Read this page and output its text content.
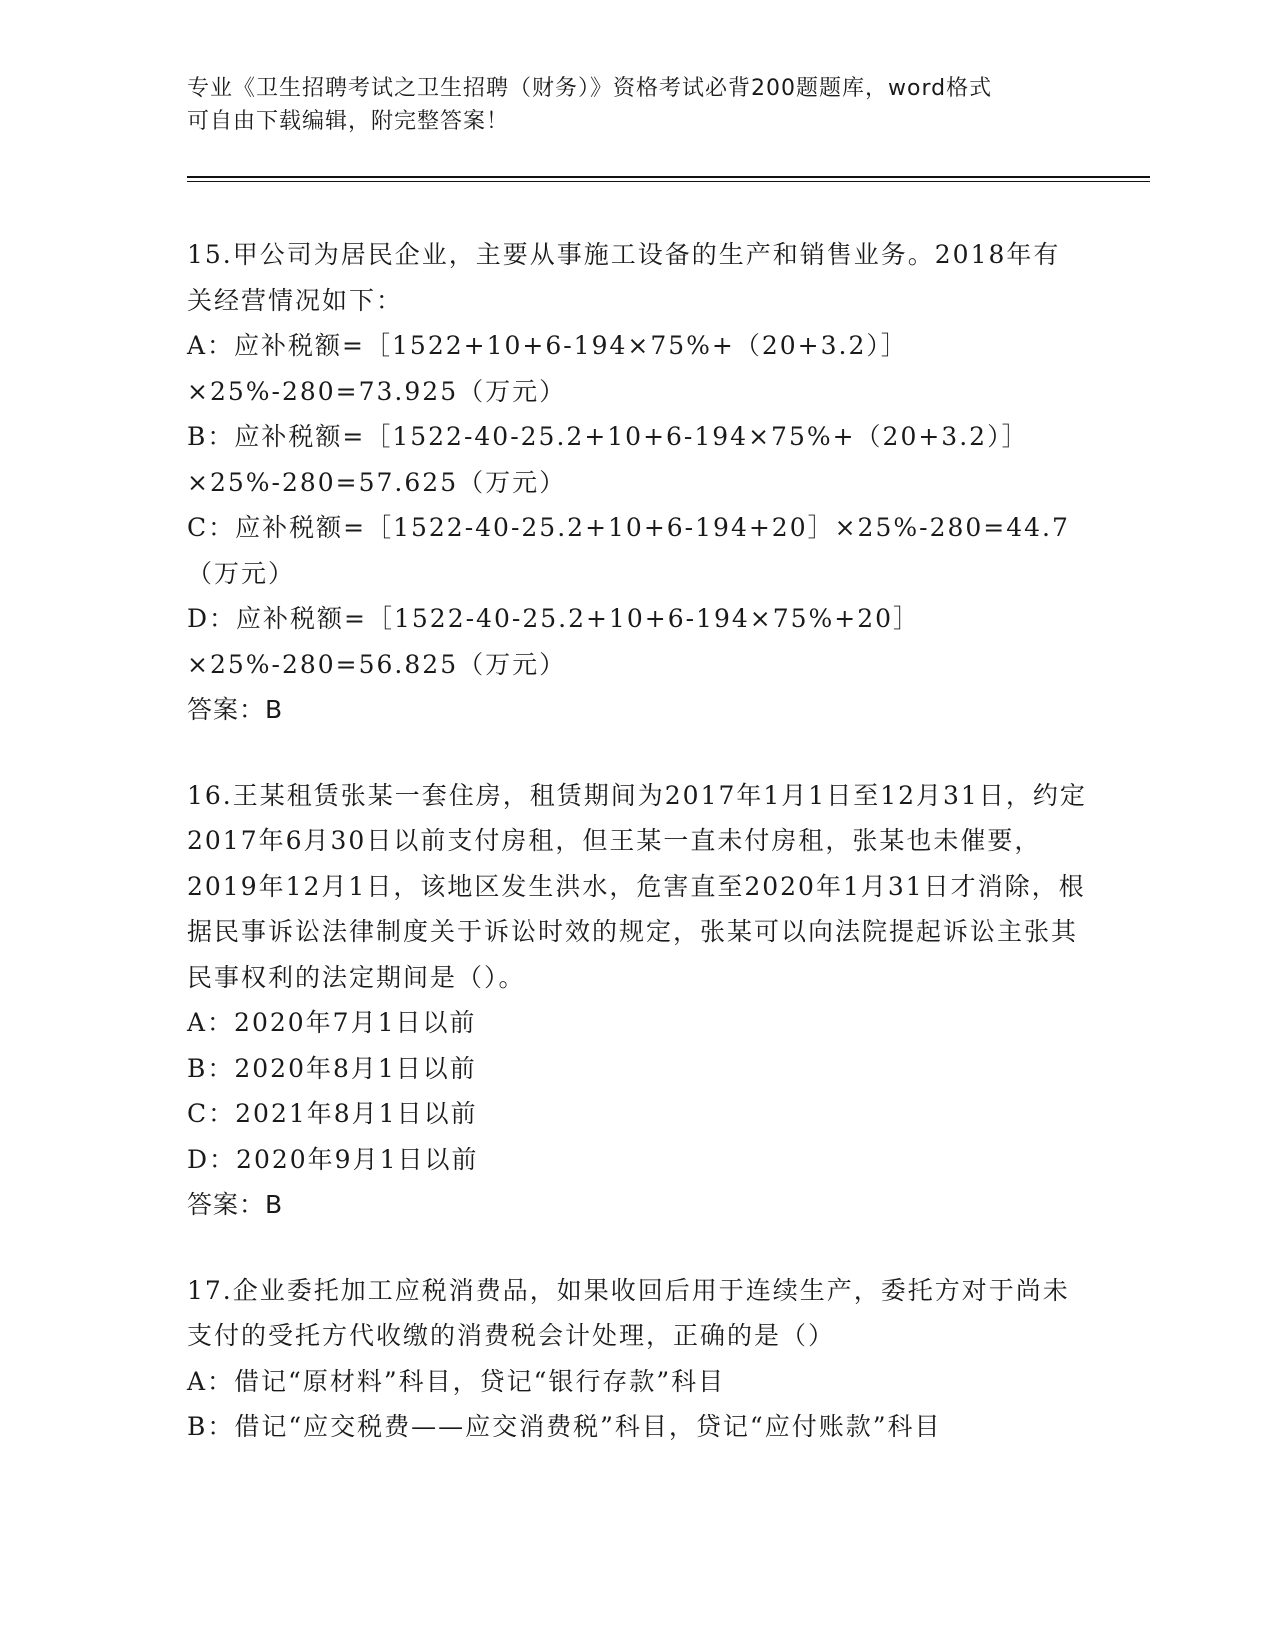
专业《卫生招聘考试之卫生招聘（财务）》资格考试必背200题题库，word格式
可自由下载编辑，附完整答案！

15.甲公司为居民企业，主要从事施工设备的生产和销售业务。2018年有关经营情况如下：

A：应补税额=［1522+10+6-194×75%+（20+3.2）］×25%-280=73.925（万元）

B：应补税额=［1522-40-25.2+10+6-194×75%+（20+3.2）］×25%-280=57.625（万元）

C：应补税额=［1522-40-25.2+10+6-194+20］×25%-280=44.7（万元）

D：应补税额=［1522-40-25.2+10+6-194×75%+20］×25%-280=56.825（万元）

答案：B

16.王某租赁张某一套住房，租赁期间为2017年1月1日至12月31日，约定2017年6月30日以前支付房租，但王某一直未付房租，张某也未催要，2019年12月1日，该地区发生洪水，危害直至2020年1月31日才消除，根据民事诉讼法律制度关于诉讼时效的规定，张某可以向法院提起诉讼主张其民事权利的法定期间是（）。

A：2020年7月1日以前

B：2020年8月1日以前

C：2021年8月1日以前

D：2020年9月1日以前

答案：B

17.企业委托加工应税消费品，如果收回后用于连续生产，委托方对于尚未支付的受托方代收缴的消费税会计处理，正确的是（）

A：借记“原材料”科目，贷记“银行存款”科目

B：借记“应交税费——应交消费税”科目，贷记“应付账款”科目
